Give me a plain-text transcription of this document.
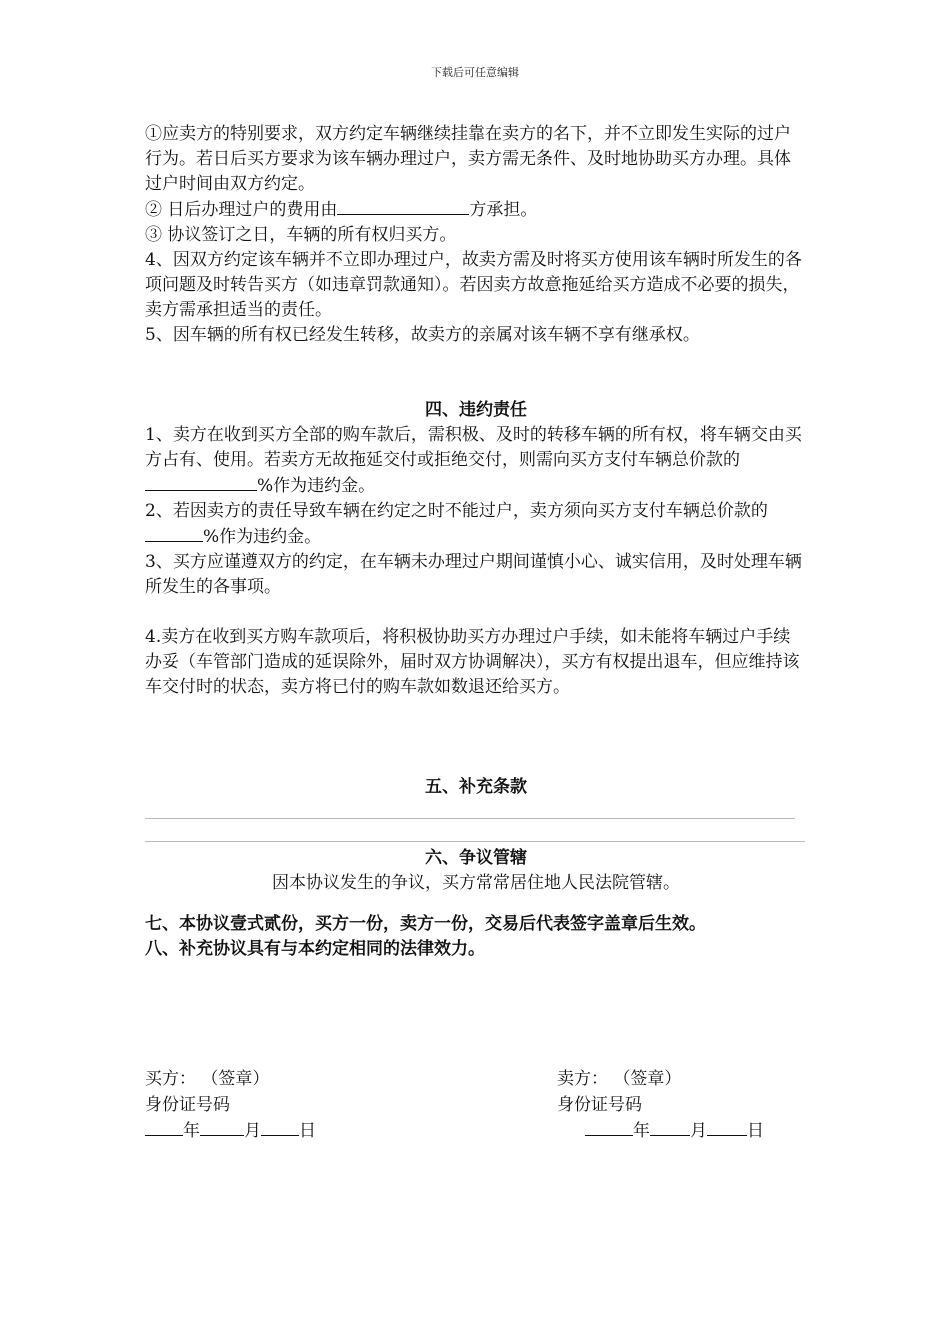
下载后可任意编辑

①应卖方的特别要求，双方约定车辆继续挂靠在卖方的名下，并不立即发生实际的过户行为。若日后买方要求为该车辆办理过户，卖方需无条件、及时地协助买方办理。具体过户时间由双方约定。

② 日后办理过户的费用由	方承担。

③ 协议签订之日，车辆的所有权归买方。

4、因双方约定该车辆并不立即办理过户，故卖方需及时将买方使用该车辆时所发生的各项问题及时转告买方（如违章罚款通知）。若因卖方故意拖延给买方造成不必要的损失，卖方需承担适当的责任。

5、因车辆的所有权已经发生转移，故卖方的亲属对该车辆不享有继承权。

四、违约责任

1、卖方在收到买方全部的购车款后，需积极、及时的转移车辆的所有权，将车辆交由买方占有、使用。若卖方无故拖延交付或拒绝交付，则需向买方支付车辆总价款的%作为违约金。

2、若因卖方的责任导致车辆在约定之时不能过户，卖方须向买方支付车辆总价款的%作为违约金。

3、买方应谨遵双方的约定，在车辆未办理过户期间谨慎小心、诚实信用，及时处理车辆所发生的各事项。

4.卖方在收到买方购车款项后，将积极协助买方办理过户手续，如未能将车辆过户手续办妥（车管部门造成的延误除外，届时双方协调解决），买方有权提出退车，但应维持该车交付时的状态，卖方将已付的购车款如数退还给买方。

五、补充条款

六、争议管辖

因本协议发生的争议，买方常常居住地人民法院管辖。

七、本协议壹式贰份，买方一份，卖方一份，交易后代表签字盖章后生效。

八、补充协议具有与本约定相同的法律效力。

买方： （签章）

身份证号码

年	月 日

卖方： （签章）

身份证号码

年 月 日
